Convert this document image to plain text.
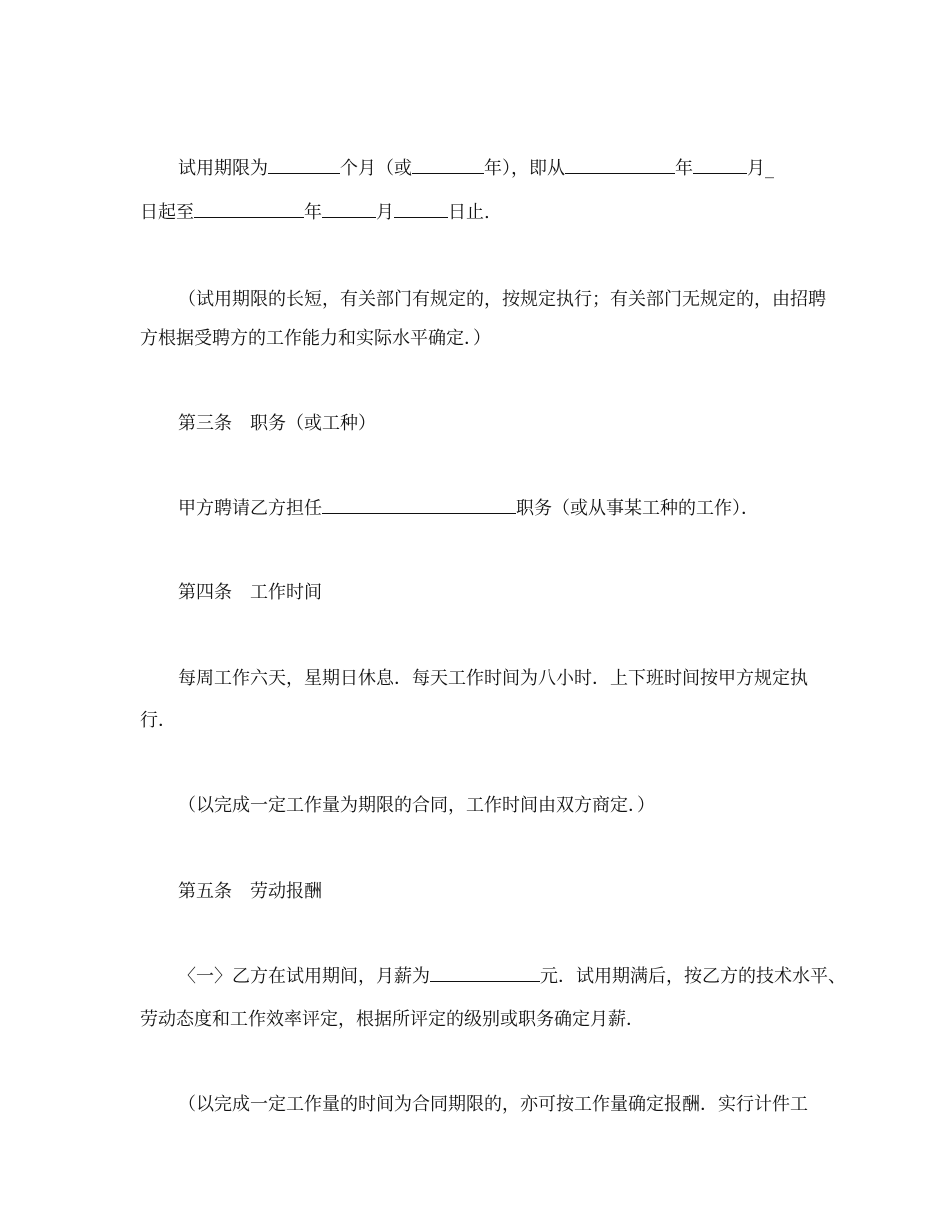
试用期限为	个月（或	年），即从	年	月_
日起至	年	月	日止.
（试用期限的长短，有关部门有规定的，按规定执行；有关部门无规定的，由招聘
方根据受聘方的工作能力和实际水平确定．）
第三条　职务（或工种）
甲方聘请乙方担任	职务（或从事某工种的工作）．
第四条　工作时间
每周工作六天，星期日休息．每天工作时间为八小时．上下班时间按甲方规定执
行．
（以完成一定工作量为期限的合同，工作时间由双方商定．）
第五条　劳动报酬
〈一〉乙方在试用期间，月薪为	元．试用期满后，按乙方的技术水平、
劳动态度和工作效率评定，根据所评定的级别或职务确定月薪．
（以完成一定工作量的时间为合同期限的，亦可按工作量确定报酬．实行计件工
